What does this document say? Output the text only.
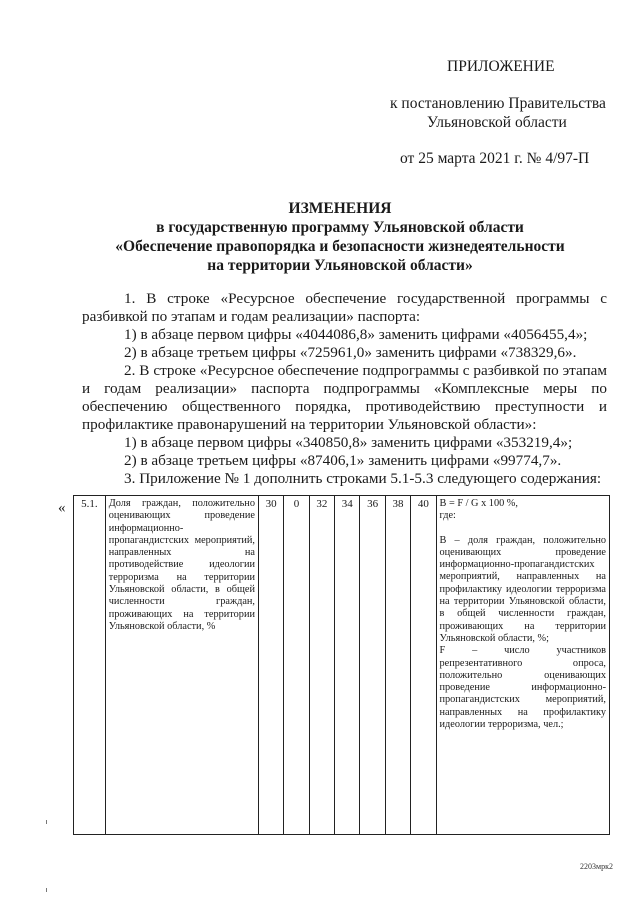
ПРИЛОЖЕНИЕ
к постановлению Правительства
Ульяновской области
от 25 марта 2021 г. № 4/97-П
ИЗМЕНЕНИЯ
в государственную программу Ульяновской области
«Обеспечение правопорядка и безопасности жизнедеятельности
на территории Ульяновской области»
1. В строке «Ресурсное обеспечение государственной программы с разбивкой по этапам и годам реализации» паспорта:
1) в абзаце первом цифры «4044086,8» заменить цифрами «4056455,4»;
2) в абзаце третьем цифры «725961,0» заменить цифрами «738329,6».
2. В строке «Ресурсное обеспечение подпрограммы с разбивкой по этапам и годам реализации» паспорта подпрограммы «Комплексные меры по обеспечению общественного порядка, противодействию преступности и профилактике правонарушений на территории Ульяновской области»:
1) в абзаце первом цифры «340850,8» заменить цифрами «353219,4»;
2) в абзаце третьем цифры «87406,1» заменить цифрами «99774,7».
3. Приложение № 1 дополнить строками 5.1-5.3 следующего содержания:
« 5.1.	Доля граждан, положительно оценивающих проведение информационно-пропагандистских мероприятий, направленных на противодействие идеологии терроризма на территории Ульяновской области, в общей численности граждан, проживающих на территории Ульяновской области, %	30	0	32	34	36	38	40	B = F / G x 100 %,
где:
B – доля граждан, положительно оценивающих проведение информационно-пропагандистских мероприятий, направленных на профилактику идеологии терроризма на территории Ульяновской области, в общей численности граждан, проживающих на территории Ульяновской области, %;
F – число участников репрезентативного опроса, положительно оценивающих проведение информационно-пропагандистских мероприятий, направленных на профилактику идеологии терроризма, чел.;
2203мрк2
